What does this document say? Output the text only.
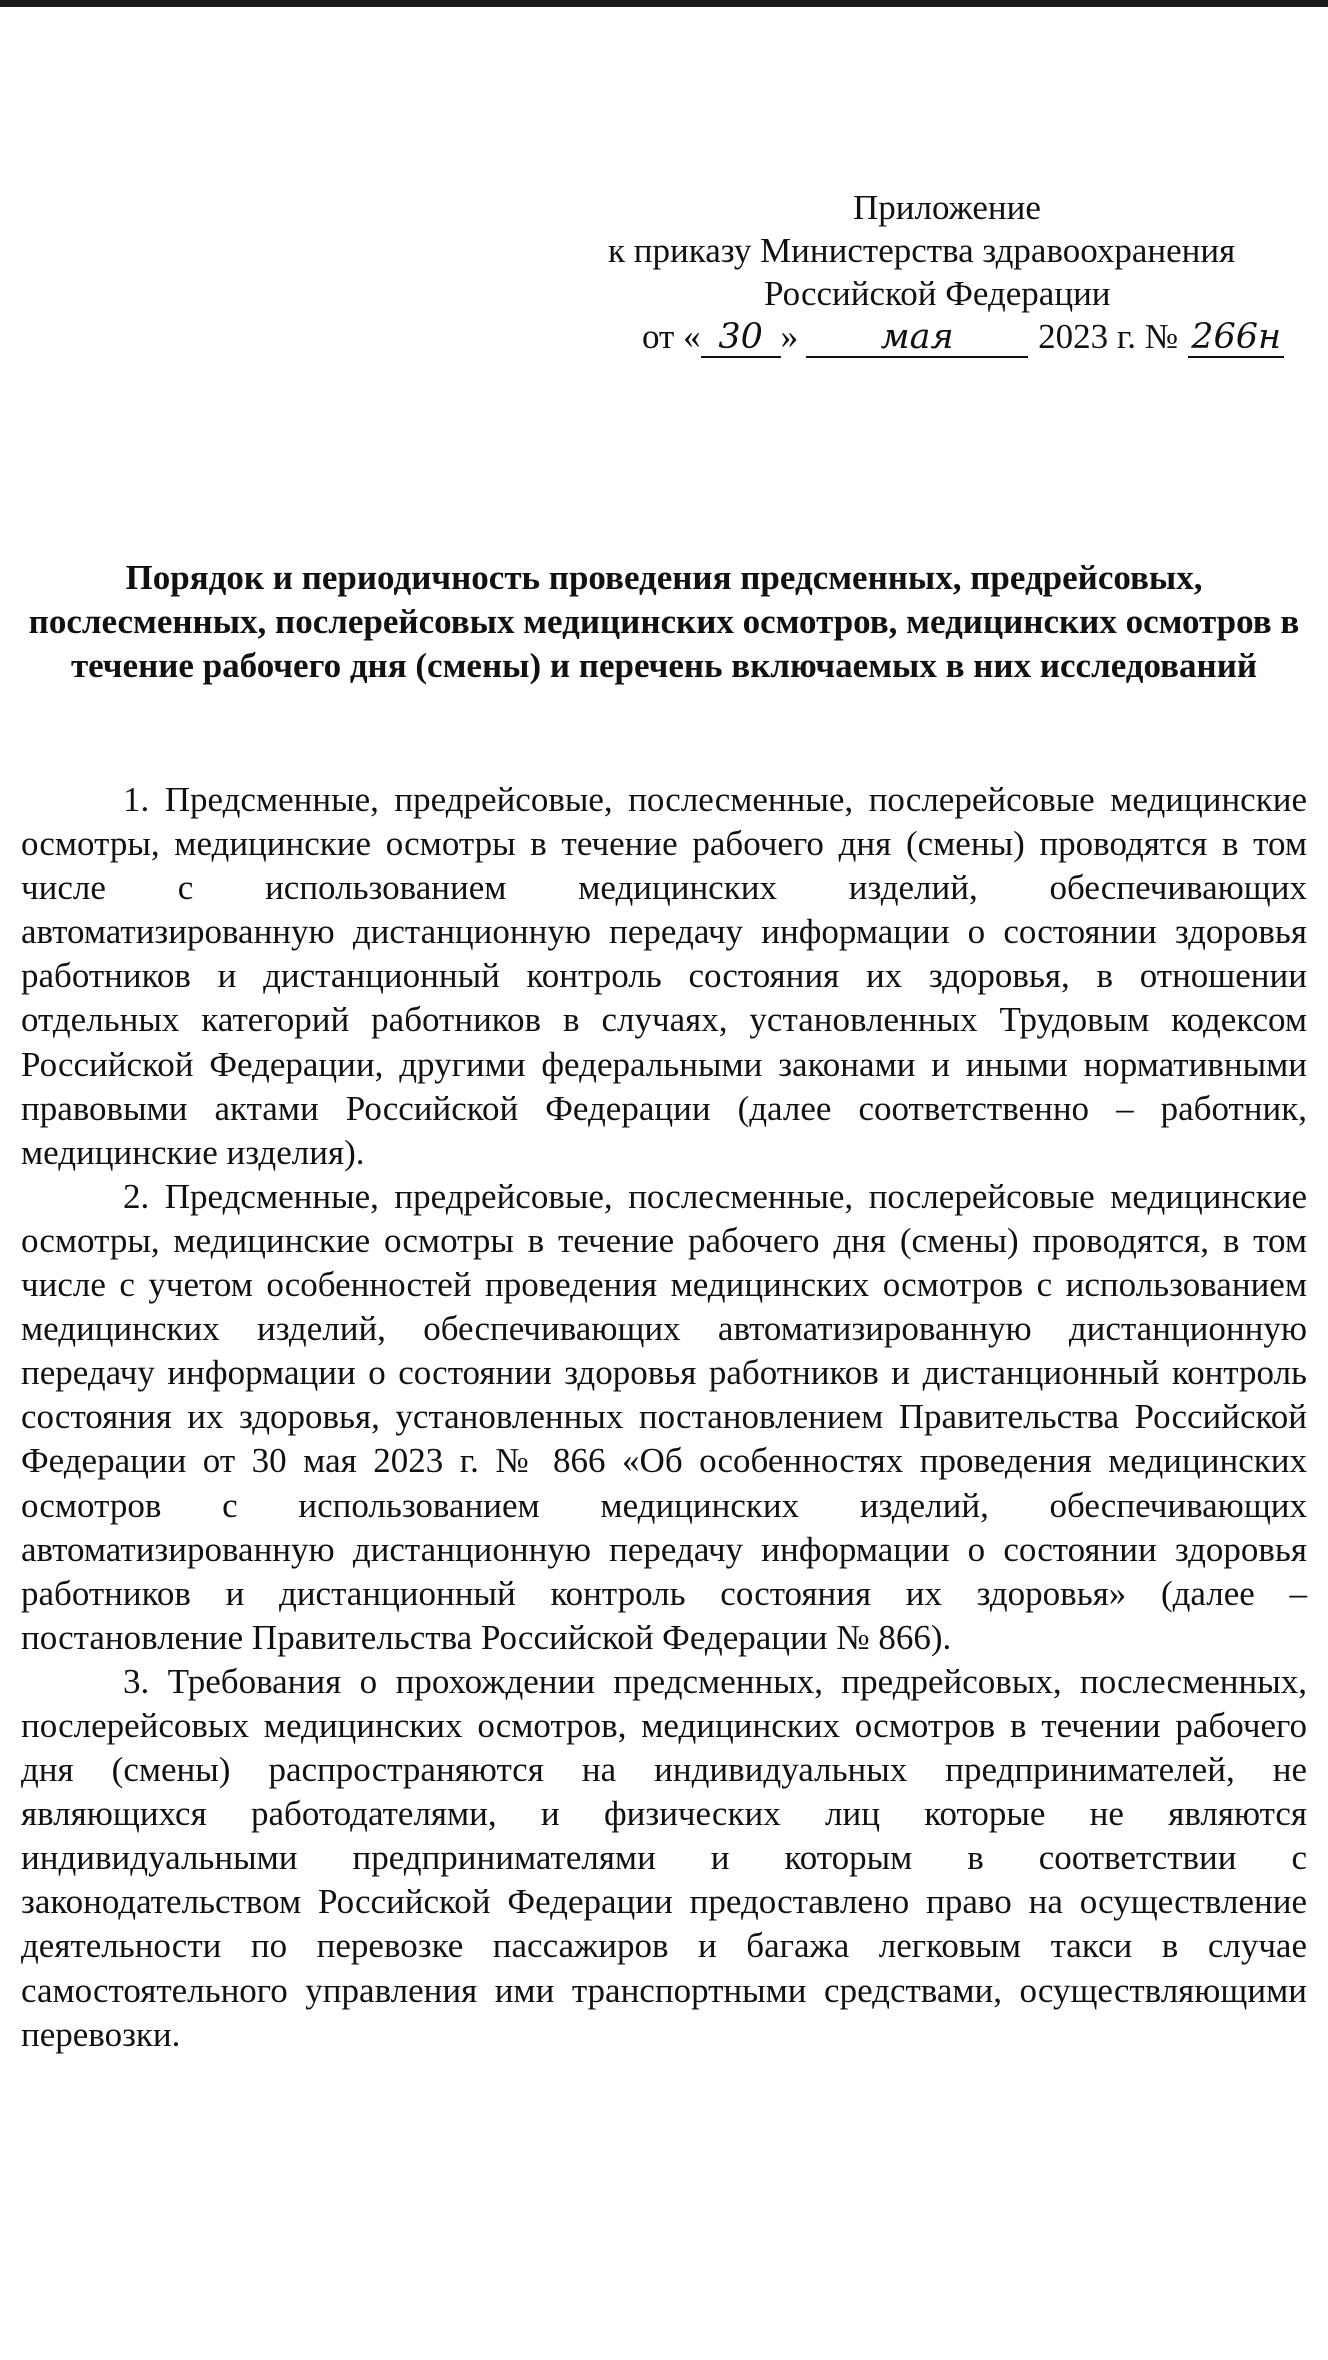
Приложение
к приказу Министерства здравоохранения
Российской Федерации
от « 30 »	мая	2023 г. № 266н
Порядок и периодичность проведения предсменных, предрейсовых, послесменных, послерейсовых медицинских осмотров, медицинских осмотров в течение рабочего дня (смены) и перечень включаемых в них исследований

1. Предсменные, предрейсовые, послесменные, послерейсовые медицинские осмотры, медицинские осмотры в течение рабочего дня (смены) проводятся в том числе с использованием медицинских изделий, обеспечивающих автоматизированную дистанционную передачу информации о состоянии здоровья работников и дистанционный контроль состояния их здоровья, в отношении отдельных категорий работников в случаях, установленных Трудовым кодексом Российской Федерации, другими федеральными законами и иными нормативными правовыми актами Российской Федерации (далее соответственно – работник, медицинские изделия).

2. Предсменные, предрейсовые, послесменные, послерейсовые медицинские осмотры, медицинские осмотры в течение рабочего дня (смены) проводятся, в том числе с учетом особенностей проведения медицинских осмотров с использованием медицинских изделий, обеспечивающих автоматизированную дистанционную передачу информации о состоянии здоровья работников и дистанционный контроль состояния их здоровья, установленных постановлением Правительства Российской Федерации от 30 мая 2023 г. № 866 «Об особенностях проведения медицинских осмотров с использованием медицинских изделий, обеспечивающих автоматизированную дистанционную передачу информации о состоянии здоровья работников и дистанционный контроль состояния их здоровья» (далее – постановление Правительства Российской Федерации № 866).

3. Требования о прохождении предсменных, предрейсовых, послесменных, послерейсовых медицинских осмотров, медицинских осмотров в течении рабочего дня (смены) распространяются на индивидуальных предпринимателей, не являющихся работодателями, и физических лиц которые не являются индивидуальными предпринимателями и которым в соответствии с законодательством Российской Федерации предоставлено право на осуществление деятельности по перевозке пассажиров и багажа легковым такси в случае самостоятельного управления ими транспортными средствами, осуществляющими перевозки.
